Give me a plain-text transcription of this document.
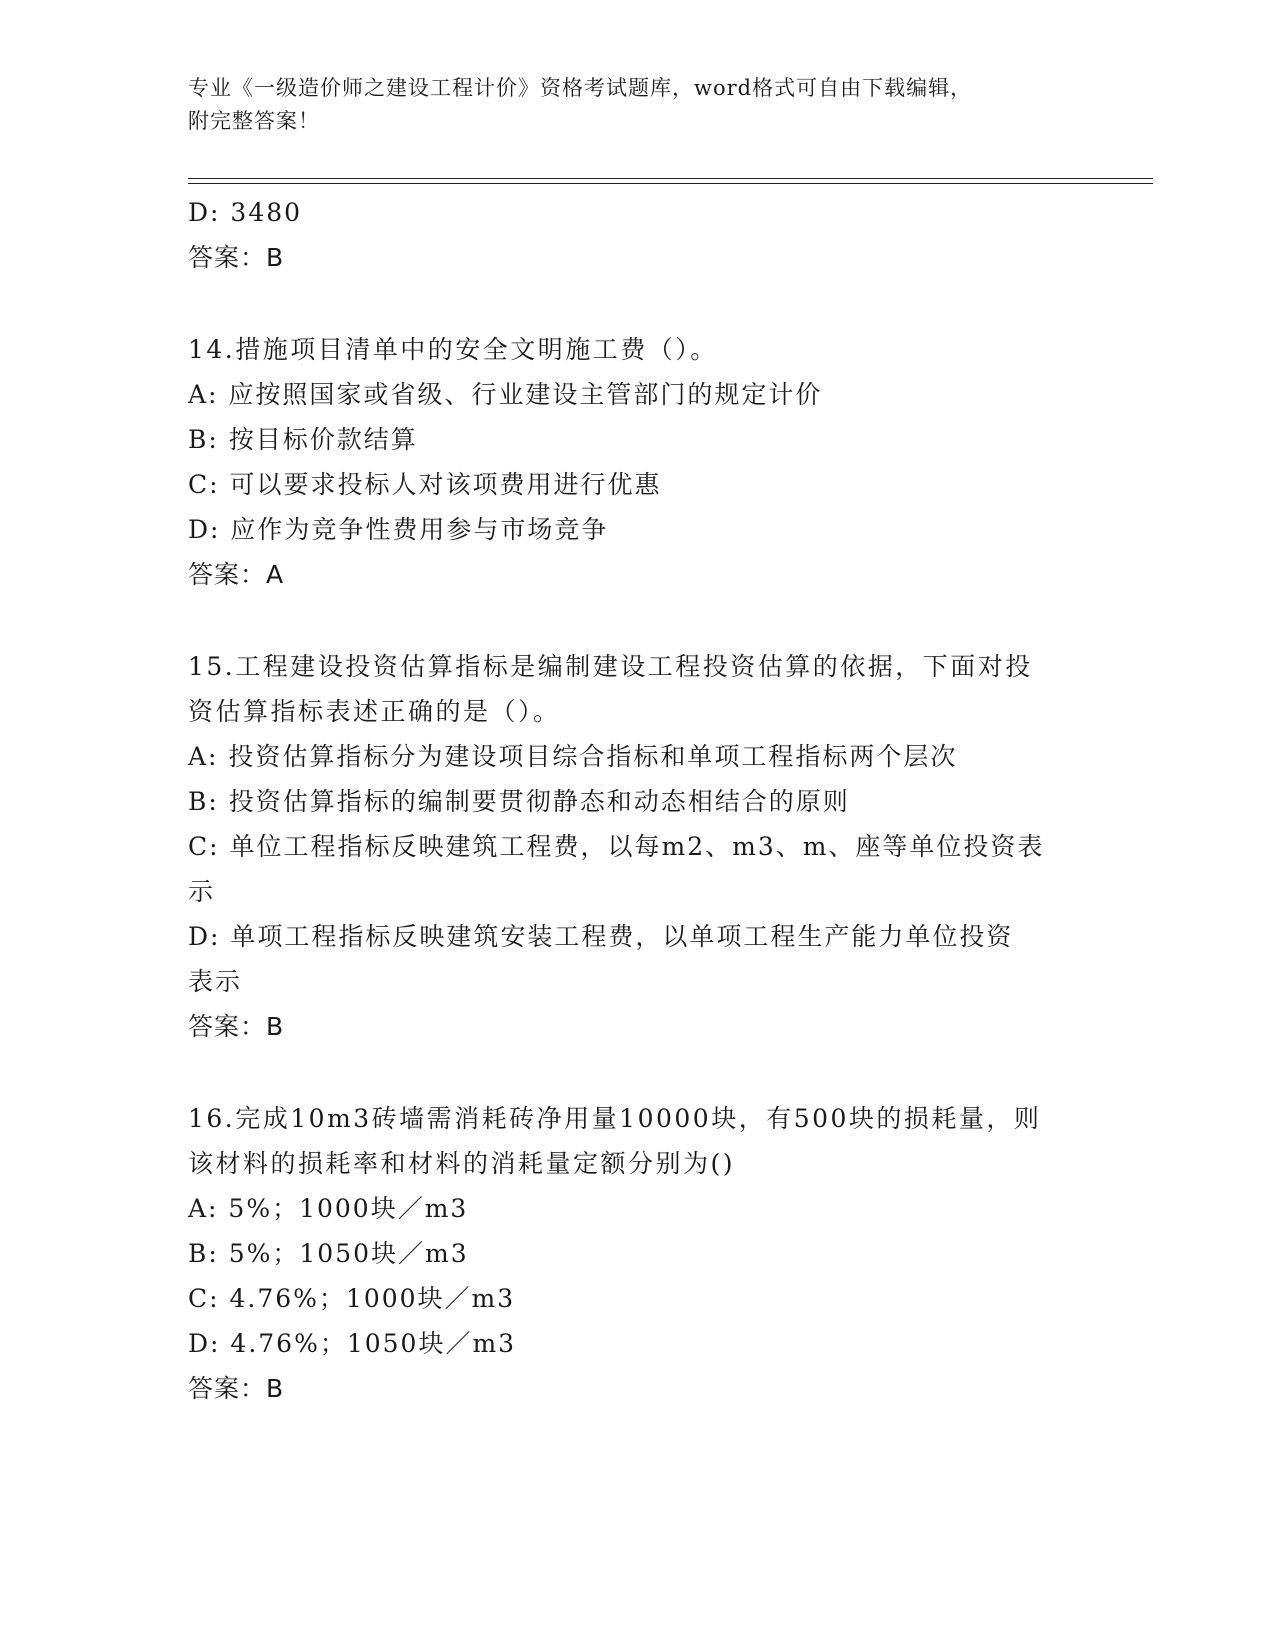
专业《一级造价师之建设工程计价》资格考试题库，word格式可自由下载编辑，
附完整答案！
D: 3480
答案：B
14.措施项目清单中的安全文明施工费（）。
A: 应按照国家或省级、行业建设主管部门的规定计价
B: 按目标价款结算
C: 可以要求投标人对该项费用进行优惠
D: 应作为竞争性费用参与市场竞争
答案：A
15.工程建设投资估算指标是编制建设工程投资估算的依据，下面对投
资估算指标表述正确的是（）。
A: 投资估算指标分为建设项目综合指标和单项工程指标两个层次
B: 投资估算指标的编制要贯彻静态和动态相结合的原则
C: 单位工程指标反映建筑工程费，以每m2、m3、m、座等单位投资表
示
D: 单项工程指标反映建筑安装工程费，以单项工程生产能力单位投资
表示
答案：B
16.完成10m3砖墙需消耗砖净用量10000块，有500块的损耗量，则
该材料的损耗率和材料的消耗量定额分别为()
A: 5%；1000块／m3
B: 5%；1050块／m3
C: 4.76%；1000块／m3
D: 4.76%；1050块／m3
答案：B
